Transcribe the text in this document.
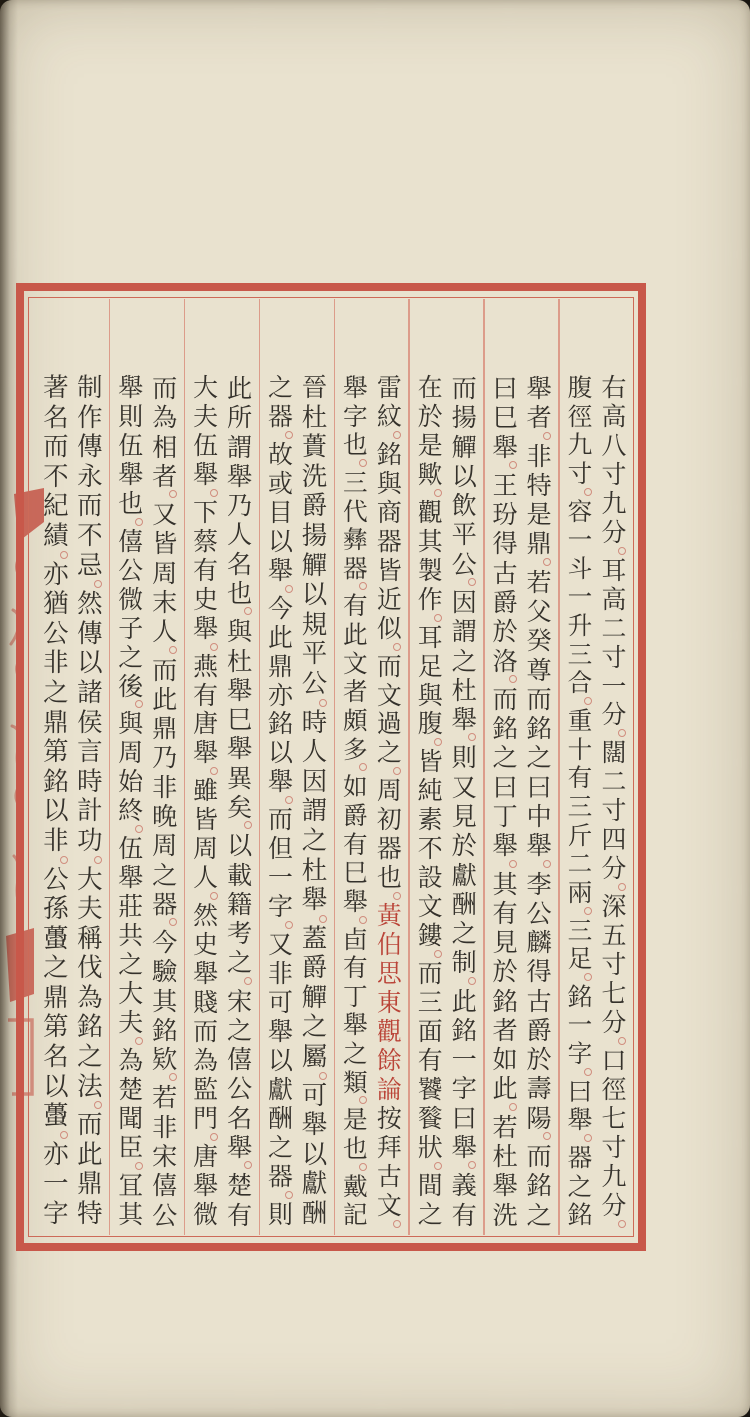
右
高
八
寸
九
分
耳
高
二
寸
一
分
闊
二
寸
四
分
深
五
寸
七
分
口
徑
七
寸
九
分
腹
徑
九
寸
容
一
斗
一
升
三
合
重
十
有
三
斤
二
兩
三
足
銘
一
字
曰
舉
器
之
銘
舉
者
非
特
是
鼎
若
父
癸
尊
而
銘
之
曰
中
舉
李
公
麟
得
古
爵
於
壽
陽
而
銘
之
曰
巳
舉
王
玢
得
古
爵
於
洛
而
銘
之
曰
丁
舉
其
有
見
於
銘
者
如
此
若
杜
舉
洗
而
揚
觶
以
飲
平
公
因
謂
之
杜
舉
則
又
見
於
獻
酬
之
制
此
銘
一
字
曰
舉
義
有
在
於
是
歟
觀
其
製
作
耳
足
與
腹
皆
純
素
不
設
文
鏤
而
三
面
有
饕
餮
狀
間
之
雷
紋
銘
與
商
器
皆
近
似
而
文
過
之
周
初
器
也
黃
伯
思
東
觀
餘
論
按
拜
古
文
舉
字
也
三
代
彝
器
有
此
文
者
頗
多
如
爵
有
巳
舉
卣
有
丁
舉
之
類
是
也
戴
記
晉
杜
蕢
洗
爵
揚
觶
以
規
平
公
時
人
因
謂
之
杜
舉
蓋
爵
觶
之
屬
可
舉
以
獻
酬
之
器
故
或
目
以
舉
今
此
鼎
亦
銘
以
舉
而
但
一
字
又
非
可
舉
以
獻
酬
之
器
則
此
所
謂
舉
乃
人
名
也
與
杜
舉
巳
舉
異
矣
以
載
籍
考
之
宋
之
僖
公
名
舉
楚
有
大
夫
伍
舉
下
蔡
有
史
舉
燕
有
唐
舉
雖
皆
周
人
然
史
舉
賤
而
為
監
門
唐
舉
微
而
為
相
者
又
皆
周
末
人
而
此
鼎
乃
非
晚
周
之
器
今
驗
其
銘
欵
若
非
宋
僖
公
舉
則
伍
舉
也
僖
公
微
子
之
後
與
周
始
終
伍
舉
莊
共
之
大
夫
為
楚
聞
臣
冝
其
制
作
傳
永
而
不
忌
然
傳
以
諸
侯
言
時
計
功
大
夫
稱
伐
為
銘
之
法
而
此
鼎
特
著
名
而
不
紀
績
亦
猶
公
非
之
鼎
第
銘
以
非
公
孫
蠆
之
鼎
第
名
以
蠆
亦
一
字
